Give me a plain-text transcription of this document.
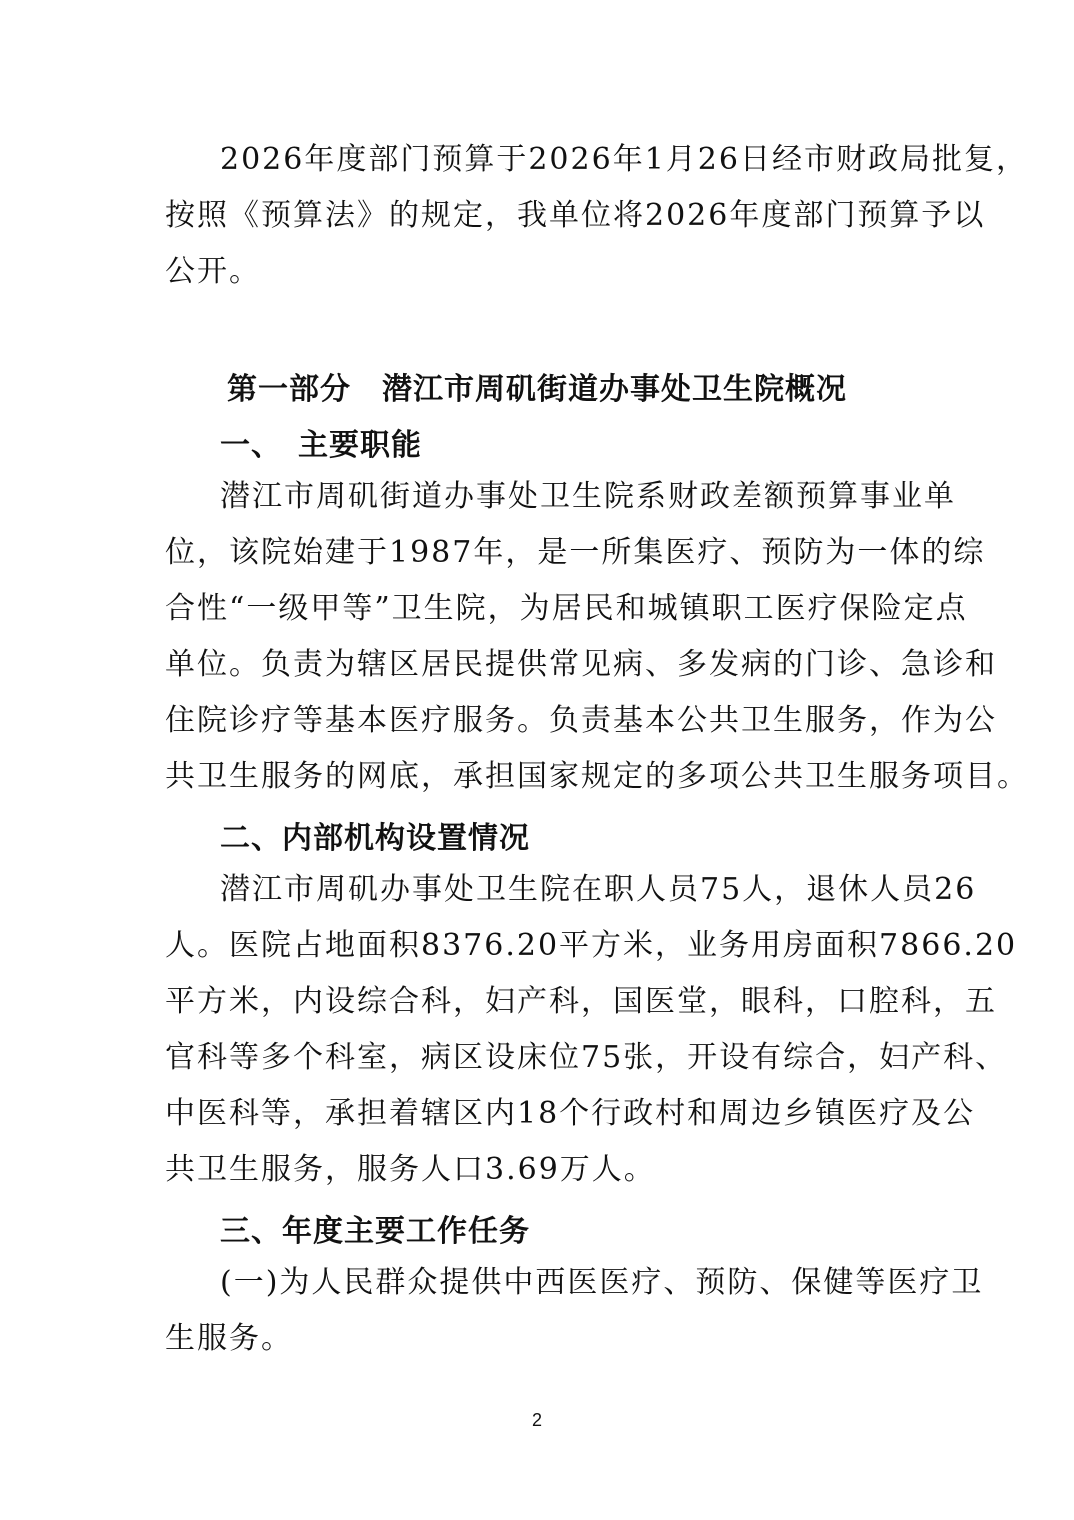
2026年度部门预算于2026年1月26日经市财政局批复，
按照《预算法》的规定，我单位将2026年度部门预算予以
公开。
第一部分　潜江市周矶街道办事处卫生院概况
一、　主要职能
潜江市周矶街道办事处卫生院系财政差额预算事业单
位，该院始建于1987年，是一所集医疗、预防为一体的综
合性“一级甲等”卫生院，为居民和城镇职工医疗保险定点
单位。负责为辖区居民提供常见病、多发病的门诊、急诊和
住院诊疗等基本医疗服务。负责基本公共卫生服务，作为公
共卫生服务的网底，承担国家规定的多项公共卫生服务项目。
二、内部机构设置情况
潜江市周矶办事处卫生院在职人员75人，退休人员26
人。医院占地面积8376.20平方米，业务用房面积7866.20
平方米，内设综合科，妇产科，国医堂，眼科，口腔科，五
官科等多个科室，病区设床位75张，开设有综合，妇产科、
中医科等，承担着辖区内18个行政村和周边乡镇医疗及公
共卫生服务，服务人口3.69万人。
三、年度主要工作任务
(一)为人民群众提供中西医医疗、预防、保健等医疗卫
生服务。
2
